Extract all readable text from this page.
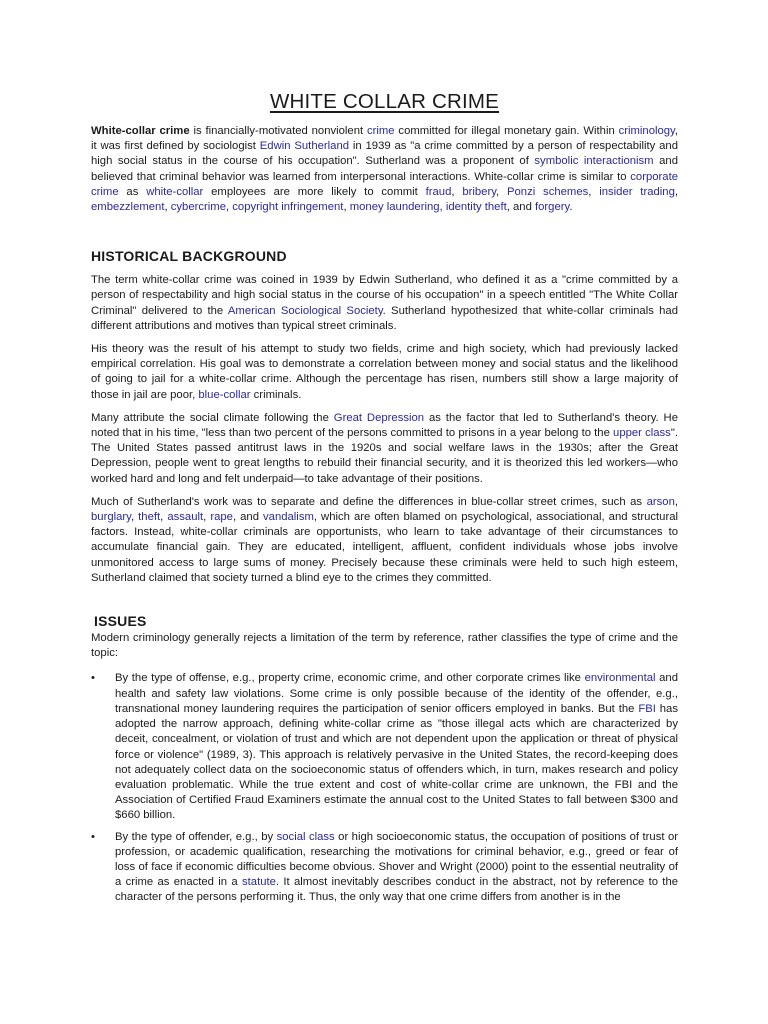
WHITE COLLAR CRIME

White-collar crime is financially-motivated nonviolent crime committed for illegal monetary gain. Within criminology, it was first defined by sociologist Edwin Sutherland in 1939 as "a crime committed by a person of respectability and high social status in the course of his occupation". Sutherland was a proponent of symbolic interactionism and believed that criminal behavior was learned from interpersonal interactions. White-collar crime is similar to corporate crime as white-collar employees are more likely to commit fraud, bribery, Ponzi schemes, insider trading, embezzlement, cybercrime, copyright infringement, money laundering, identity theft, and forgery.

HISTORICAL BACKGROUND

The term white-collar crime was coined in 1939 by Edwin Sutherland, who defined it as a "crime committed by a person of respectability and high social status in the course of his occupation" in a speech entitled "The White Collar Criminal" delivered to the American Sociological Society. Sutherland hypothesized that white-collar criminals had different attributions and motives than typical street criminals.

His theory was the result of his attempt to study two fields, crime and high society, which had previously lacked empirical correlation. His goal was to demonstrate a correlation between money and social status and the likelihood of going to jail for a white-collar crime. Although the percentage has risen, numbers still show a large majority of those in jail are poor, blue-collar criminals.

Many attribute the social climate following the Great Depression as the factor that led to Sutherland's theory. He noted that in his time, "less than two percent of the persons committed to prisons in a year belong to the upper class". The United States passed antitrust laws in the 1920s and social welfare laws in the 1930s; after the Great Depression, people went to great lengths to rebuild their financial security, and it is theorized this led workers—who worked hard and long and felt underpaid—to take advantage of their positions.

Much of Sutherland's work was to separate and define the differences in blue-collar street crimes, such as arson, burglary, theft, assault, rape, and vandalism, which are often blamed on psychological, associational, and structural factors. Instead, white-collar criminals are opportunists, who learn to take advantage of their circumstances to accumulate financial gain. They are educated, intelligent, affluent, confident individuals whose jobs involve unmonitored access to large sums of money. Precisely because these criminals were held to such high esteem, Sutherland claimed that society turned a blind eye to the crimes they committed.

ISSUES

Modern criminology generally rejects a limitation of the term by reference, rather classifies the type of crime and the topic:

• By the type of offense, e.g., property crime, economic crime, and other corporate crimes like environmental and health and safety law violations. Some crime is only possible because of the identity of the offender, e.g., transnational money laundering requires the participation of senior officers employed in banks. But the FBI has adopted the narrow approach, defining white-collar crime as "those illegal acts which are characterized by deceit, concealment, or violation of trust and which are not dependent upon the application or threat of physical force or violence" (1989, 3). This approach is relatively pervasive in the United States, the record-keeping does not adequately collect data on the socioeconomic status of offenders which, in turn, makes research and policy evaluation problematic. While the true extent and cost of white-collar crime are unknown, the FBI and the Association of Certified Fraud Examiners estimate the annual cost to the United States to fall between $300 and $660 billion.
• By the type of offender, e.g., by social class or high socioeconomic status, the occupation of positions of trust or profession, or academic qualification, researching the motivations for criminal behavior, e.g., greed or fear of loss of face if economic difficulties become obvious. Shover and Wright (2000) point to the essential neutrality of a crime as enacted in a statute. It almost inevitably describes conduct in the abstract, not by reference to the character of the persons performing it. Thus, the only way that one crime differs from another is in the
